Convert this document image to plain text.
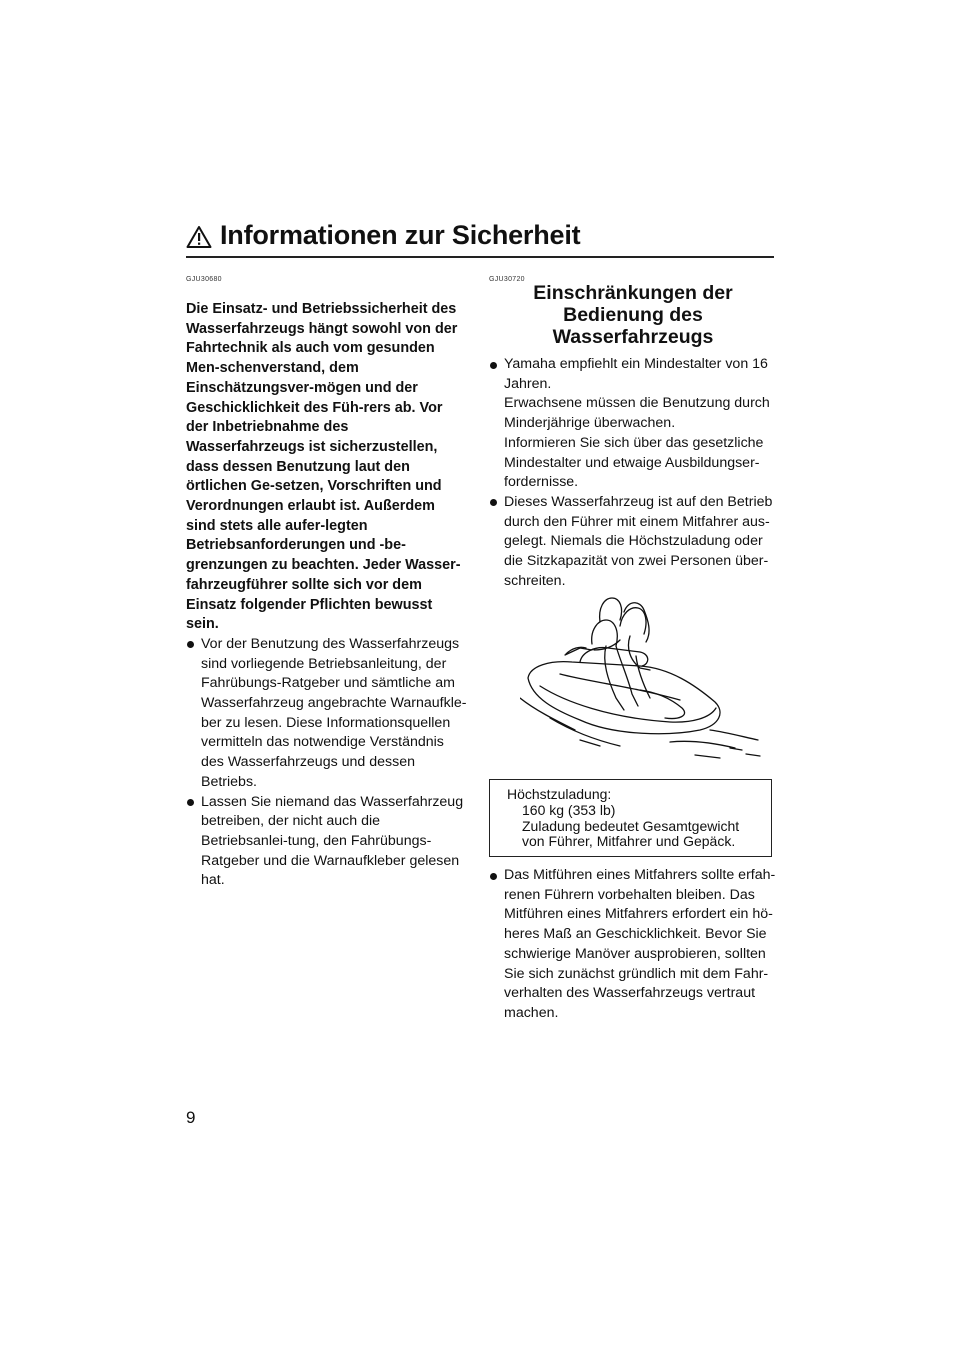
Informationen zur Sicherheit
GJU30680

Die Einsatz- und Betriebssicherheit des Wasserfahrzeugs hängt sowohl von der Fahrtechnik als auch vom gesunden Men-schenverstand, dem Einschätzungsver-mögen und der Geschicklichkeit des Füh-rers ab. Vor der Inbetriebnahme des Wasserfahrzeugs ist sicherzustellen, dass dessen Benutzung laut den örtlichen Ge-setzen, Vorschriften und Verordnungen erlaubt ist. Außerdem sind stets alle aufer-legten Betriebsanforderungen und -be-grenzungen zu beachten. Jeder Wasser-fahrzeugführer sollte sich vor dem Einsatz folgender Pflichten bewusst sein.

Vor der Benutzung des Wasserfahrzeugs sind vorliegende Betriebsanleitung, der Fahrübungs-Ratgeber und sämtliche am Wasserfahrzeug angebrachte Warnaufkle-ber zu lesen. Diese Informationsquellen vermitteln das notwendige Verständnis des Wasserfahrzeugs und dessen Betriebs.
Lassen Sie niemand das Wasserfahrzeug betreiben, der nicht auch die Betriebsanlei-tung, den Fahrübungs-Ratgeber und die Warnaufkleber gelesen hat.
GJU30720
Einschränkungen der Bedienung des Wasserfahrzeugs
Yamaha empfiehlt ein Mindestalter von 16 Jahren.
Erwachsene müssen die Benutzung durch Minderjährige überwachen.
Informieren Sie sich über das gesetzliche Mindestalter und etwaige Ausbildungser-fordernisse.
Dieses Wasserfahrzeug ist auf den Betrieb durch den Führer mit einem Mitfahrer aus-gelegt. Niemals die Höchstzuladung oder die Sitzkapazität von zwei Personen über-schreiten.
Höchstzuladung:
160 kg (353 lb)
Zuladung bedeutet Gesamtgewicht
von Führer, Mitfahrer und Gepäck.
Das Mitführen eines Mitfahrers sollte erfah-renen Führern vorbehalten bleiben. Das Mitführen eines Mitfahrers erfordert ein hö-heres Maß an Geschicklichkeit. Bevor Sie schwierige Manöver ausprobieren, sollten Sie sich zunächst gründlich mit dem Fahr-verhalten des Wasserfahrzeugs vertraut machen.
9
